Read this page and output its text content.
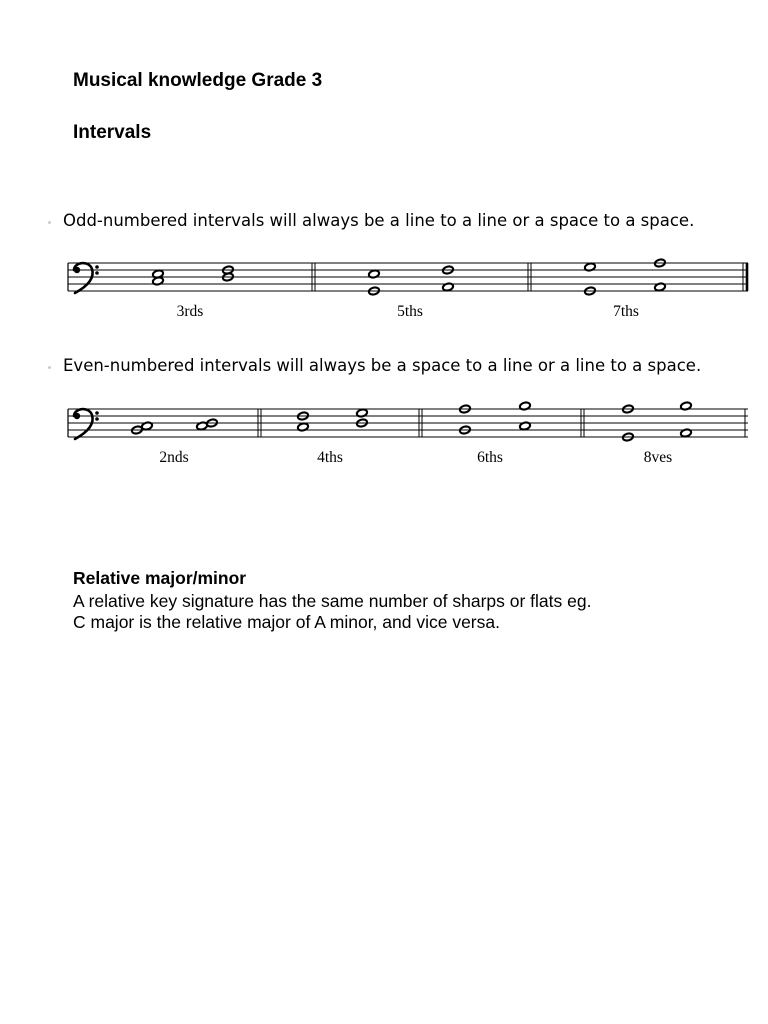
Musical knowledge Grade 3
Intervals

Odd-numbered intervals will always be a line to a line or a space to a space.

3rds	5ths	7ths

Even-numbered intervals will always be a space to a line or a line to a space.

2nds	4ths	6ths	8ves
Relative major/minor

A relative key signature has the same number of sharps or flats eg.

C major is the relative major of A minor, and vice versa.
